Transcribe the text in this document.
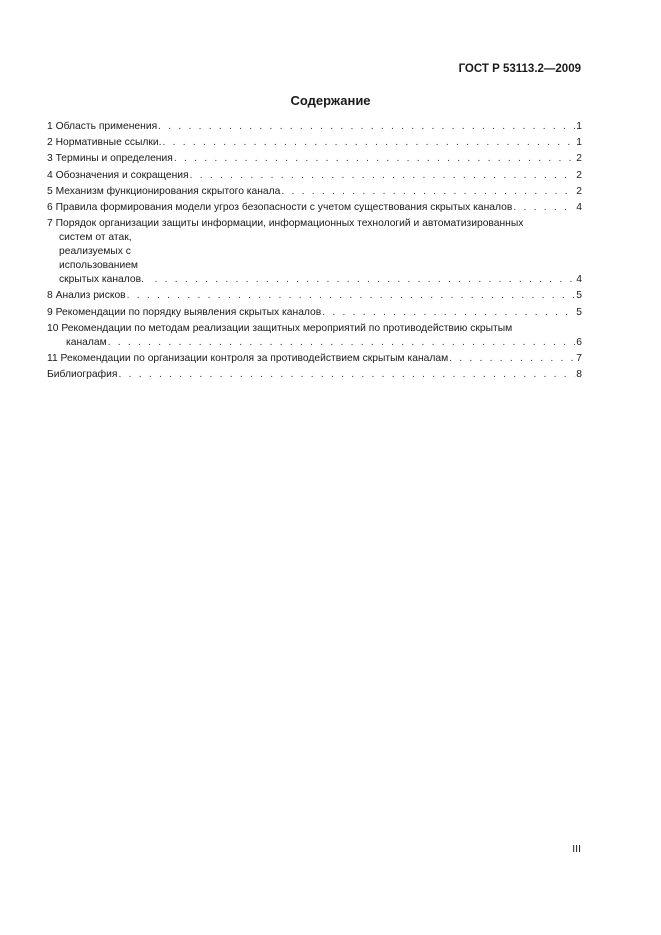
ГОСТ Р 53113.2—2009
Содержание
1 Область применения . . .	1
2 Нормативные ссылки. . . .	1
3 Термины и определения . . .	2
4 Обозначения и сокращения . . .	2
5 Механизм функционирования скрытого канала . . .	2
6 Правила формирования модели угроз безопасности с учетом существования скрытых каналов . . .	4
7 Порядок организации защиты информации, информационных технологий и автоматизированных
систем от атак, реализуемых с использованием скрытых каналов. . . .	4
8 Анализ рисков . . .	5
9 Рекомендации по порядку выявления скрытых каналов . . .	5
10 Рекомендации по методам реализации защитных мероприятий по противодействию скрытым
каналам . . .	6
11 Рекомендации по организации контроля за противодействием скрытым каналам . . .	7
Библиография . . .	8
III
